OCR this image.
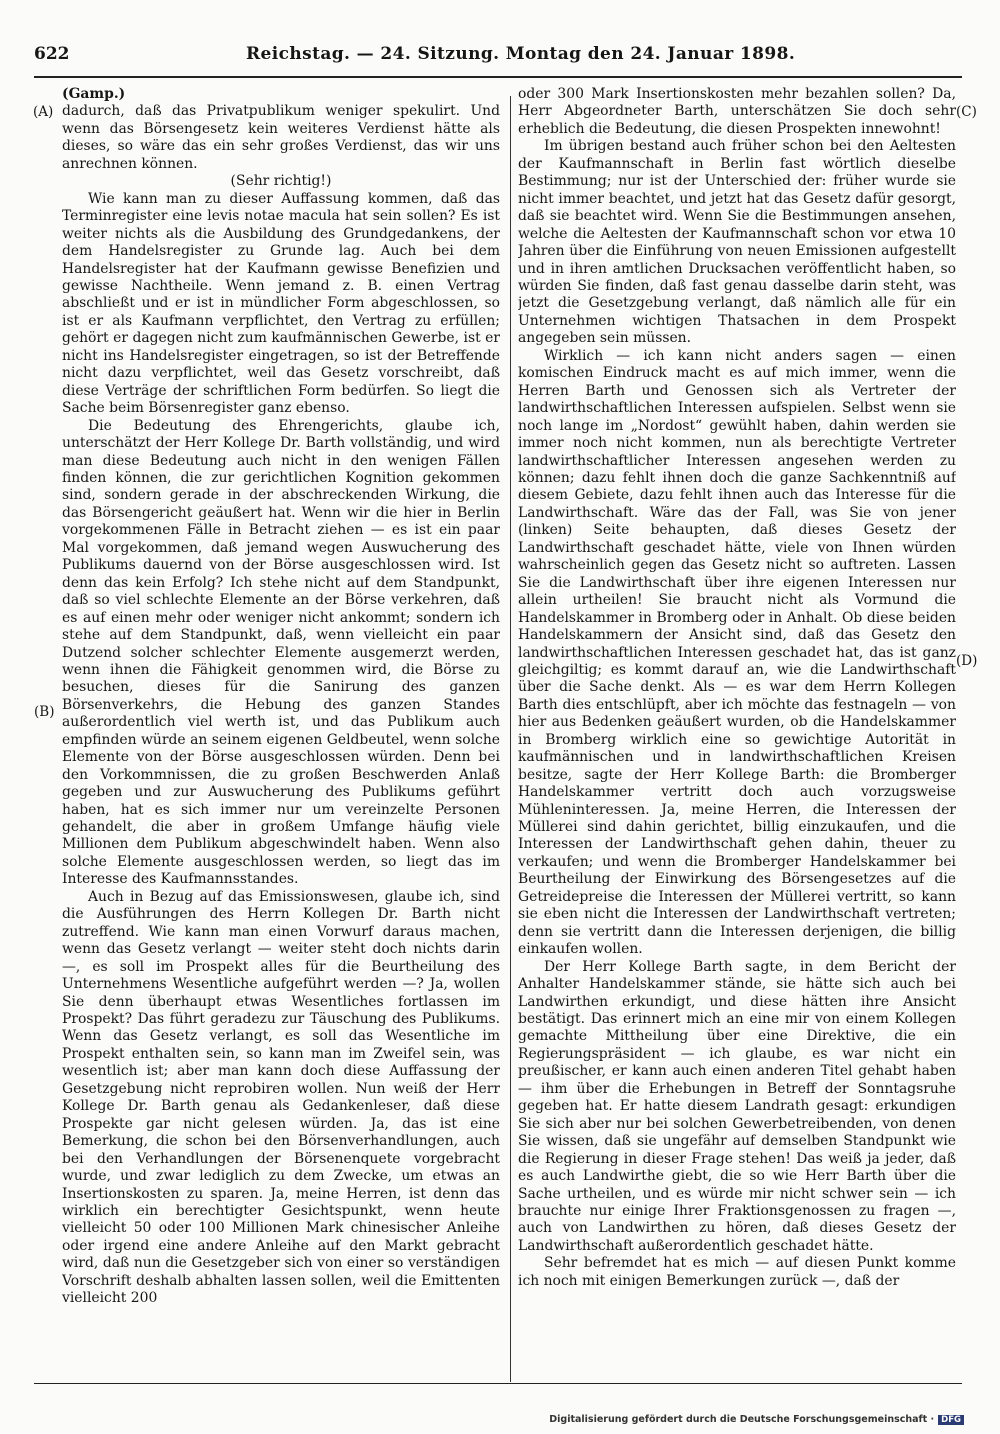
622	Reichstag. — 24. Sitzung. Montag den 24. Januar 1898.
(A)
(B)
(C)
(D)

(Gamp.)

dadurch, daß das Privatpublikum weniger spekulirt. Und wenn das Börsengesetz kein weiteres Verdienst hätte als dieses, so wäre das ein sehr großes Verdienst, das wir uns anrechnen können.

(Sehr richtig!)

Wie kann man zu dieser Auffassung kommen, daß das Terminregister eine levis notae macula hat sein sollen? Es ist weiter nichts als die Ausbildung des Grundgedankens, der dem Handelsregister zu Grunde lag. Auch bei dem Handelsregister hat der Kaufmann gewisse Benefizien und gewisse Nachtheile. Wenn jemand z. B. einen Vertrag abschließt und er ist in mündlicher Form abgeschlossen, so ist er als Kaufmann verpflichtet, den Vertrag zu erfüllen; gehört er dagegen nicht zum kaufmännischen Gewerbe, ist er nicht ins Handelsregister eingetragen, so ist der Betreffende nicht dazu verpflichtet, weil das Gesetz vorschreibt, daß diese Verträge der schriftlichen Form bedürfen. So liegt die Sache beim Börsenregister ganz ebenso.

Die Bedeutung des Ehrengerichts, glaube ich, unterschätzt der Herr Kollege Dr. Barth vollständig, und wird man diese Bedeutung auch nicht in den wenigen Fällen finden können, die zur gerichtlichen Kognition gekommen sind, sondern gerade in der abschreckenden Wirkung, die das Börsengericht geäußert hat. Wenn wir die hier in Berlin vorgekommenen Fälle in Betracht ziehen — es ist ein paar Mal vorgekommen, daß jemand wegen Auswucherung des Publikums dauernd von der Börse ausgeschlossen wird. Ist denn das kein Erfolg? Ich stehe nicht auf dem Standpunkt, daß so viel schlechte Elemente an der Börse verkehren, daß es auf einen mehr oder weniger nicht ankommt; sondern ich stehe auf dem Standpunkt, daß, wenn vielleicht ein paar Dutzend solcher schlechter Elemente ausgemerzt werden, wenn ihnen die Fähigkeit genommen wird, die Börse zu besuchen, dieses für die Sanirung des ganzen Börsenverkehrs, die Hebung des ganzen Standes außerordentlich viel werth ist, und das Publikum auch empfinden würde an seinem eigenen Geldbeutel, wenn solche Elemente von der Börse ausgeschlossen würden. Denn bei den Vorkommnissen, die zu großen Beschwerden Anlaß gegeben und zur Auswucherung des Publikums geführt haben, hat es sich immer nur um vereinzelte Personen gehandelt, die aber in großem Umfange häufig viele Millionen dem Publikum abgeschwindelt haben. Wenn also solche Elemente ausgeschlossen werden, so liegt das im Interesse des Kaufmannsstandes.

Auch in Bezug auf das Emissionswesen, glaube ich, sind die Ausführungen des Herrn Kollegen Dr. Barth nicht zutreffend. Wie kann man einen Vorwurf daraus machen, wenn das Gesetz verlangt — weiter steht doch nichts darin —, es soll im Prospekt alles für die Beurtheilung des Unternehmens Wesentliche aufgeführt werden —? Ja, wollen Sie denn überhaupt etwas Wesentliches fortlassen im Prospekt? Das führt geradezu zur Täuschung des Publikums. Wenn das Gesetz verlangt, es soll das Wesentliche im Prospekt enthalten sein, so kann man im Zweifel sein, was wesentlich ist; aber man kann doch diese Auffassung der Gesetzgebung nicht reprobiren wollen. Nun weiß der Herr Kollege Dr. Barth genau als Gedankenleser, daß diese Prospekte gar nicht gelesen würden. Ja, das ist eine Bemerkung, die schon bei den Börsenverhandlungen, auch bei den Verhandlungen der Börsenenquete vorgebracht wurde, und zwar lediglich zu dem Zwecke, um etwas an Insertionskosten zu sparen. Ja, meine Herren, ist denn das wirklich ein berechtigter Gesichtspunkt, wenn heute vielleicht 50 oder 100 Millionen Mark chinesischer Anleihe oder irgend eine andere Anleihe auf den Markt gebracht wird, daß nun die Gesetzgeber sich von einer so verständigen Vorschrift deshalb abhalten lassen sollen, weil die Emittenten vielleicht 200

oder 300 Mark Insertionskosten mehr bezahlen sollen? Da, Herr Abgeordneter Barth, unterschätzen Sie doch sehr erheblich die Bedeutung, die diesen Prospekten innewohnt!

Im übrigen bestand auch früher schon bei den Aeltesten der Kaufmannschaft in Berlin fast wörtlich dieselbe Bestimmung; nur ist der Unterschied der: früher wurde sie nicht immer beachtet, und jetzt hat das Gesetz dafür gesorgt, daß sie beachtet wird. Wenn Sie die Bestimmungen ansehen, welche die Aeltesten der Kaufmannschaft schon vor etwa 10 Jahren über die Einführung von neuen Emissionen aufgestellt und in ihren amtlichen Drucksachen veröffentlicht haben, so würden Sie finden, daß fast genau dasselbe darin steht, was jetzt die Gesetzgebung verlangt, daß nämlich alle für ein Unternehmen wichtigen Thatsachen in dem Prospekt angegeben sein müssen.

Wirklich — ich kann nicht anders sagen — einen komischen Eindruck macht es auf mich immer, wenn die Herren Barth und Genossen sich als Vertreter der landwirthschaftlichen Interessen aufspielen. Selbst wenn sie noch lange im „Nordost“ gewühlt haben, dahin werden sie immer noch nicht kommen, nun als berechtigte Vertreter landwirthschaftlicher Interessen angesehen werden zu können; dazu fehlt ihnen doch die ganze Sachkenntniß auf diesem Gebiete, dazu fehlt ihnen auch das Interesse für die Landwirthschaft. Wäre das der Fall, was Sie von jener (linken) Seite behaupten, daß dieses Gesetz der Landwirthschaft geschadet hätte, viele von Ihnen würden wahrscheinlich gegen das Gesetz nicht so auftreten. Lassen Sie die Landwirthschaft über ihre eigenen Interessen nur allein urtheilen! Sie braucht nicht als Vormund die Handelskammer in Bromberg oder in Anhalt. Ob diese beiden Handelskammern der Ansicht sind, daß das Gesetz den landwirthschaftlichen Interessen geschadet hat, das ist ganz gleichgiltig; es kommt darauf an, wie die Landwirthschaft über die Sache denkt. Als — es war dem Herrn Kollegen Barth dies entschlüpft, aber ich möchte das festnageln — von hier aus Bedenken geäußert wurden, ob die Handelskammer in Bromberg wirklich eine so gewichtige Autorität in kaufmännischen und in landwirthschaftlichen Kreisen besitze, sagte der Herr Kollege Barth: die Bromberger Handelskammer vertritt doch auch vorzugsweise Mühleninteressen. Ja, meine Herren, die Interessen der Müllerei sind dahin gerichtet, billig einzukaufen, und die Interessen der Landwirthschaft gehen dahin, theuer zu verkaufen; und wenn die Bromberger Handelskammer bei Beurtheilung der Einwirkung des Börsengesetzes auf die Getreidepreise die Interessen der Müllerei vertritt, so kann sie eben nicht die Interessen der Landwirthschaft vertreten; denn sie vertritt dann die Interessen derjenigen, die billig einkaufen wollen.

Der Herr Kollege Barth sagte, in dem Bericht der Anhalter Handelskammer stände, sie hätte sich auch bei Landwirthen erkundigt, und diese hätten ihre Ansicht bestätigt. Das erinnert mich an eine mir von einem Kollegen gemachte Mittheilung über eine Direktive, die ein Regierungspräsident — ich glaube, es war nicht ein preußischer, er kann auch einen anderen Titel gehabt haben — ihm über die Erhebungen in Betreff der Sonntagsruhe gegeben hat. Er hatte diesem Landrath gesagt: erkundigen Sie sich aber nur bei solchen Gewerbetreibenden, von denen Sie wissen, daß sie ungefähr auf demselben Standpunkt wie die Regierung in dieser Frage stehen! Das weiß ja jeder, daß es auch Landwirthe giebt, die so wie Herr Barth über die Sache urtheilen, und es würde mir nicht schwer sein — ich brauchte nur einige Ihrer Fraktionsgenossen zu fragen —, auch von Landwirthen zu hören, daß dieses Gesetz der Landwirthschaft außerordentlich geschadet hätte.

Sehr befremdet hat es mich — auf diesen Punkt komme ich noch mit einigen Bemerkungen zurück —, daß der

Digitalisierung gefördert durch die Deutsche Forschungsgemeinschaft · DFG
